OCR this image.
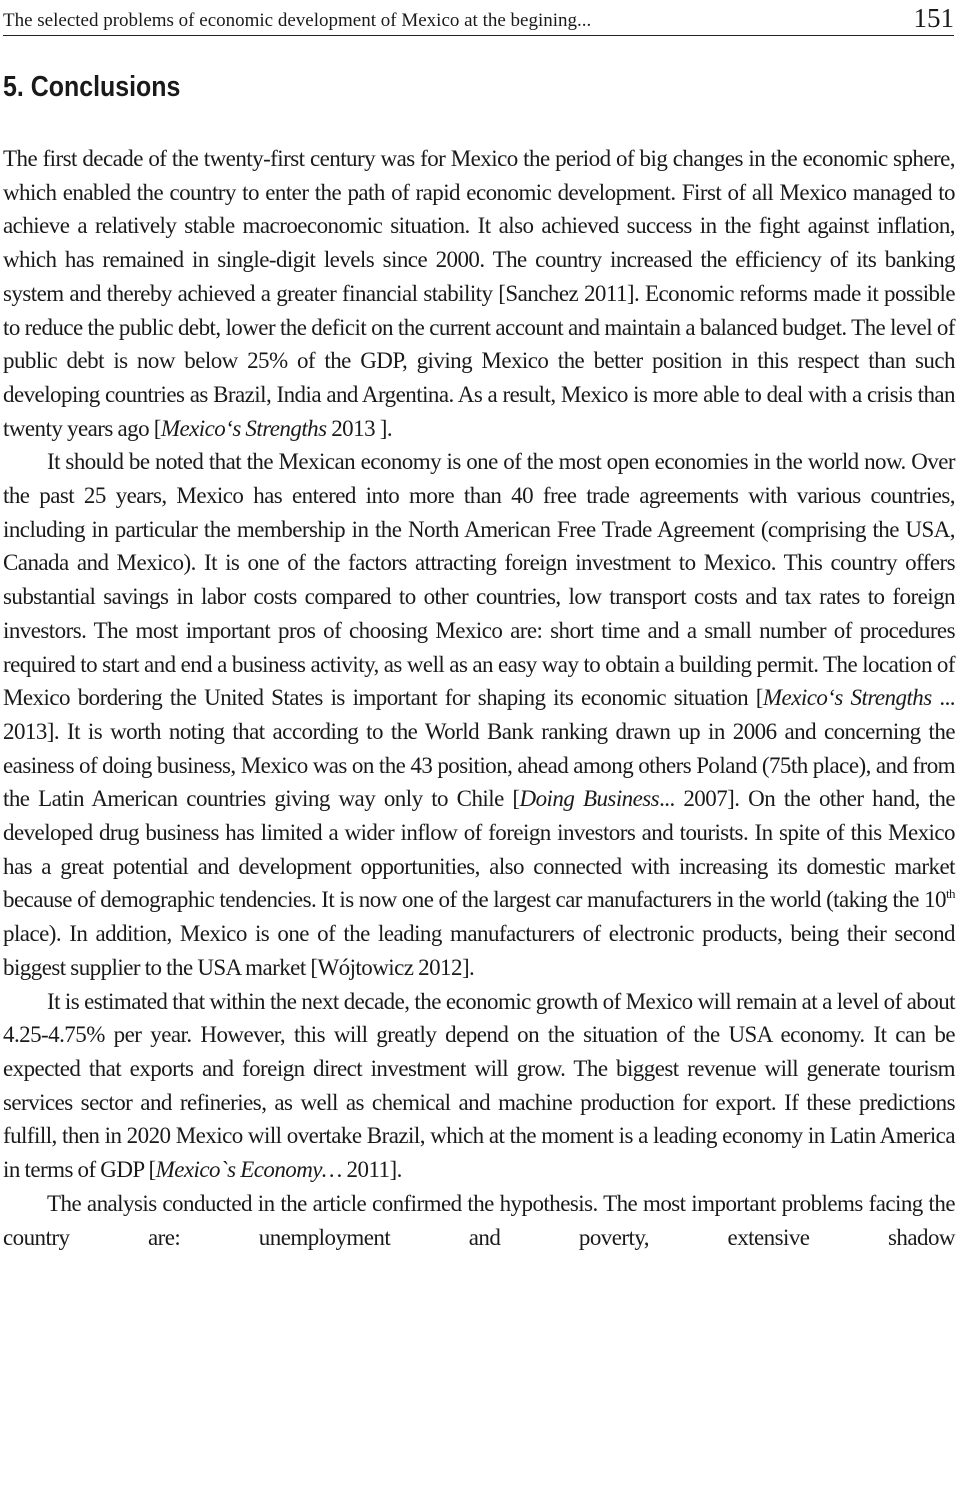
The selected problems of economic development of Mexico at the begining...	151
5. Conclusions

The first decade of the twenty-first century was for Mexico the period of big changes in the economic sphere, which enabled the country to enter the path of rapid economic development. First of all Mexico managed to achieve a relatively stable macroeconomic situation. It also achieved success in the fight against inflation, which has remained in single-digit levels since 2000. The country increased the efficiency of its banking system and thereby achieved a greater financial stability [Sanchez 2011]. Economic reforms made it possible to reduce the public debt, lower the deficit on the current account and maintain a balanced budget. The level of public debt is now below 25% of the GDP, giving Mexico the better position in this respect than such developing countries as Brazil, India and Argentina. As a result, Mexico is more able to deal with a crisis than twenty years ago [Mexico‘s Strengths 2013 ].

It should be noted that the Mexican economy is one of the most open economies in the world now. Over the past 25 years, Mexico has entered into more than 40 free trade agreements with various countries, including in particular the membership in the North American Free Trade Agreement (comprising the USA, Canada and Mexico). It is one of the factors attracting foreign investment to Mexico. This country offers substantial savings in labor costs compared to other countries, low transport costs and tax rates to foreign investors. The most important pros of choosing Mexico are: short time and a small number of procedures required to start and end a business activity, as well as an easy way to obtain a building permit. The location of Mexico bordering the United States is important for shaping its economic situation [Mexico‘s Strengths ... 2013]. It is worth noting that according to the World Bank ranking drawn up in 2006 and concerning the easiness of doing business, Mexico was on the 43 position, ahead among others Poland (75th place), and from the Latin American countries giving way only to Chile [Doing Business... 2007]. On the other hand, the developed drug business has limited a wider inflow of foreign investors and tourists. In spite of this Mexico has a great potential and development opportunities, also connected with increasing its domestic market because of demographic tendencies. It is now one of the largest car manufacturers in the world (taking the 10th place). In addition, Mexico is one of the leading manufacturers of electronic products, being their second biggest supplier to the USA market [Wójtowicz 2012].

It is estimated that within the next decade, the economic growth of Mexico will remain at a level of about 4.25-4.75% per year. However, this will greatly depend on the situation of the USA economy. It can be expected that exports and foreign direct investment will grow. The biggest revenue will generate tourism services sector and refineries, as well as chemical and machine production for export. If these predictions fulfill, then in 2020 Mexico will overtake Brazil, which at the moment is a leading economy in Latin America in terms of GDP [Mexico`s Economy… 2011].

The analysis conducted in the article confirmed the hypothesis. The most important problems facing the country are: unemployment and poverty, extensive shadow
